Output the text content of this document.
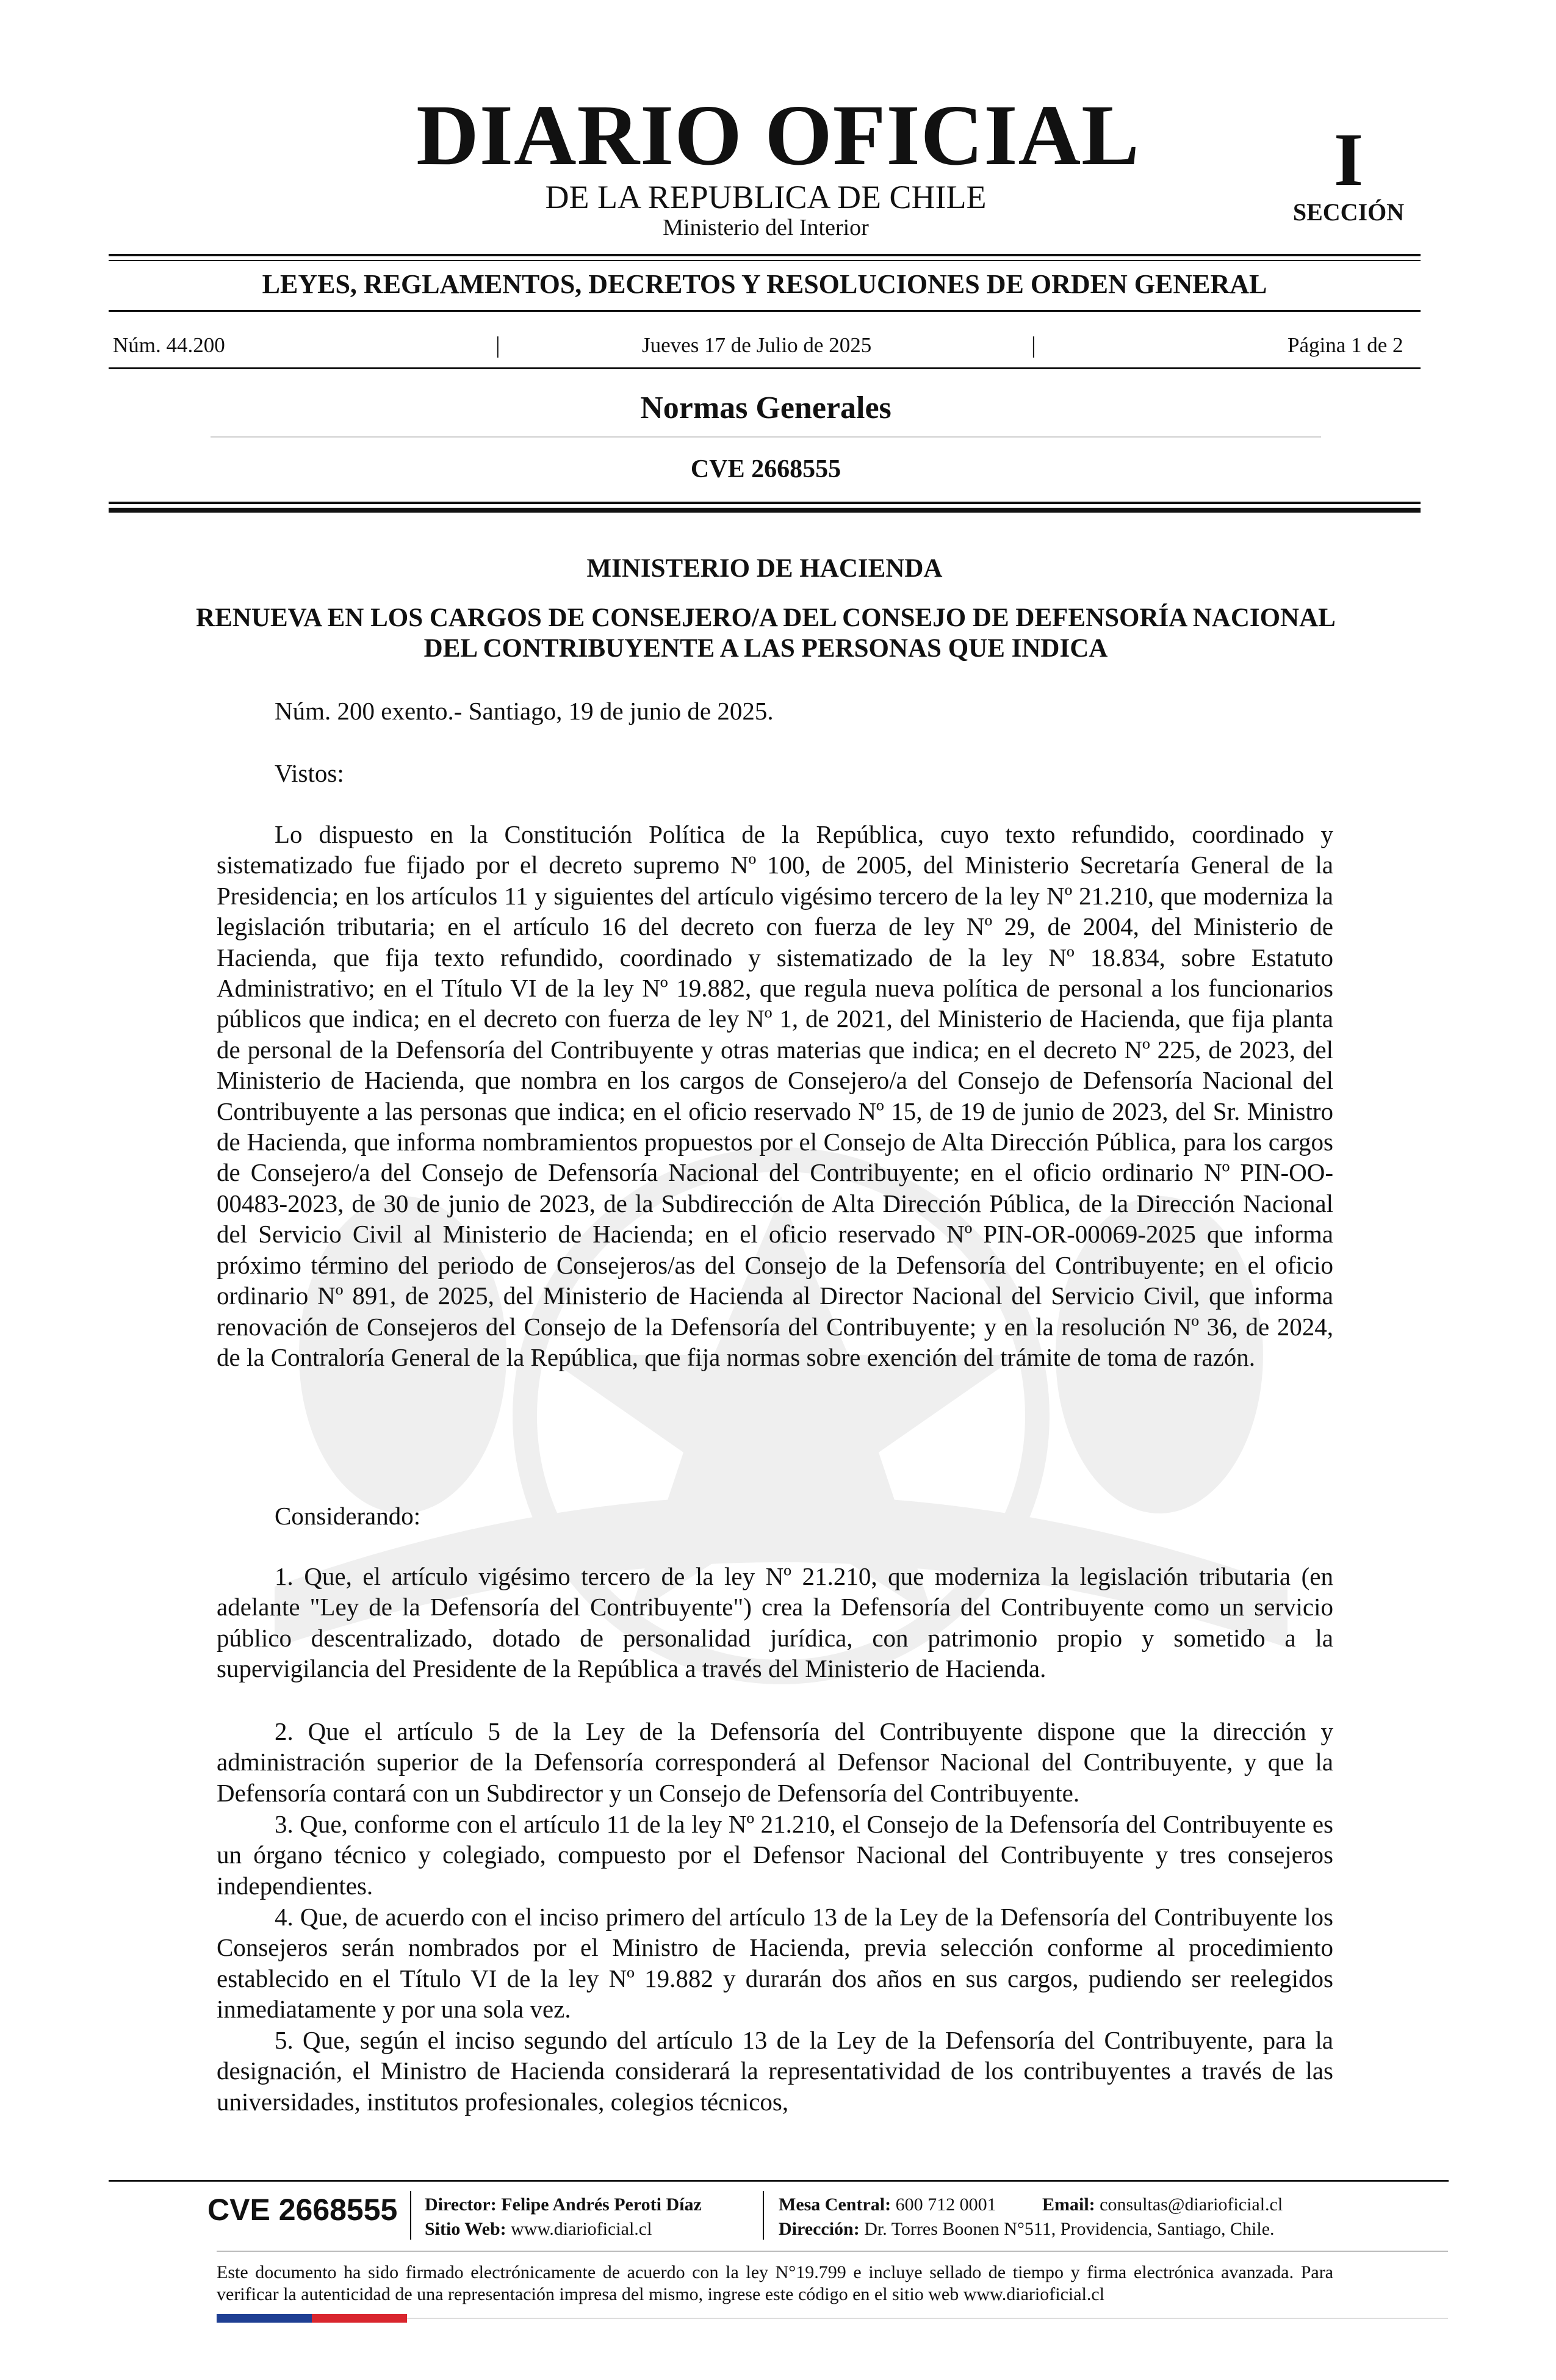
DIARIO OFICIAL
DE LA REPUBLICA DE CHILE
Ministerio del Interior
I
SECCIÓN
LEYES, REGLAMENTOS, DECRETOS Y RESOLUCIONES DE ORDEN GENERAL
Núm. 44.200	|	Jueves 17 de Julio de 2025	|	Página 1 de 2
Normas Generales
CVE 2668555
MINISTERIO DE HACIENDA
RENUEVA EN LOS CARGOS DE CONSEJERO/A DEL CONSEJO DE DEFENSORÍA NACIONAL DEL CONTRIBUYENTE A LAS PERSONAS QUE INDICA
Núm. 200 exento.- Santiago, 19 de junio de 2025.
Vistos:
Lo dispuesto en la Constitución Política de la República, cuyo texto refundido, coordinado y sistematizado fue fijado por el decreto supremo Nº 100, de 2005, del Ministerio Secretaría General de la Presidencia; en los artículos 11 y siguientes del artículo vigésimo tercero de la ley Nº 21.210, que moderniza la legislación tributaria; en el artículo 16 del decreto con fuerza de ley Nº 29, de 2004, del Ministerio de Hacienda, que fija texto refundido, coordinado y sistematizado de la ley Nº 18.834, sobre Estatuto Administrativo; en el Título VI de la ley Nº 19.882, que regula nueva política de personal a los funcionarios públicos que indica; en el decreto con fuerza de ley Nº 1, de 2021, del Ministerio de Hacienda, que fija planta de personal de la Defensoría del Contribuyente y otras materias que indica; en el decreto Nº 225, de 2023, del Ministerio de Hacienda, que nombra en los cargos de Consejero/a del Consejo de Defensoría Nacional del Contribuyente a las personas que indica; en el oficio reservado Nº 15, de 19 de junio de 2023, del Sr. Ministro de Hacienda, que informa nombramientos propuestos por el Consejo de Alta Dirección Pública, para los cargos de Consejero/a del Consejo de Defensoría Nacional del Contribuyente; en el oficio ordinario Nº PIN-OO-00483-2023, de 30 de junio de 2023, de la Subdirección de Alta Dirección Pública, de la Dirección Nacional del Servicio Civil al Ministerio de Hacienda; en el oficio reservado Nº PIN-OR-00069-2025 que informa próximo término del periodo de Consejeros/as del Consejo de la Defensoría del Contribuyente; en el oficio ordinario Nº 891, de 2025, del Ministerio de Hacienda al Director Nacional del Servicio Civil, que informa renovación de Consejeros del Consejo de la Defensoría del Contribuyente; y en la resolución Nº 36, de 2024, de la Contraloría General de la República, que fija normas sobre exención del trámite de toma de razón.
Considerando:
1. Que, el artículo vigésimo tercero de la ley Nº 21.210, que moderniza la legislación tributaria (en adelante "Ley de la Defensoría del Contribuyente") crea la Defensoría del Contribuyente como un servicio público descentralizado, dotado de personalidad jurídica, con patrimonio propio y sometido a la supervigilancia del Presidente de la República a través del Ministerio de Hacienda.
2. Que el artículo 5 de la Ley de la Defensoría del Contribuyente dispone que la dirección y administración superior de la Defensoría corresponderá al Defensor Nacional del Contribuyente, y que la Defensoría contará con un Subdirector y un Consejo de Defensoría del Contribuyente.
3. Que, conforme con el artículo 11 de la ley Nº 21.210, el Consejo de la Defensoría del Contribuyente es un órgano técnico y colegiado, compuesto por el Defensor Nacional del Contribuyente y tres consejeros independientes.
4. Que, de acuerdo con el inciso primero del artículo 13 de la Ley de la Defensoría del Contribuyente los Consejeros serán nombrados por el Ministro de Hacienda, previa selección conforme al procedimiento establecido en el Título VI de la ley Nº 19.882 y durarán dos años en sus cargos, pudiendo ser reelegidos inmediatamente y por una sola vez.
5. Que, según el inciso segundo del artículo 13 de la Ley de la Defensoría del Contribuyente, para la designación, el Ministro de Hacienda considerará la representatividad de los contribuyentes a través de las universidades, institutos profesionales, colegios técnicos,
CVE 2668555 Director: Felipe Andrés Peroti Díaz
Sitio Web: www.diarioficial.cl
Mesa Central: 600 712 0001	Email: consultas@diarioficial.cl
Dirección: Dr. Torres Boonen N°511, Providencia, Santiago, Chile.
Este documento ha sido firmado electrónicamente de acuerdo con la ley N°19.799 e incluye sellado de tiempo y firma electrónica avanzada. Para verificar la autenticidad de una representación impresa del mismo, ingrese este código en el sitio web www.diarioficial.cl
